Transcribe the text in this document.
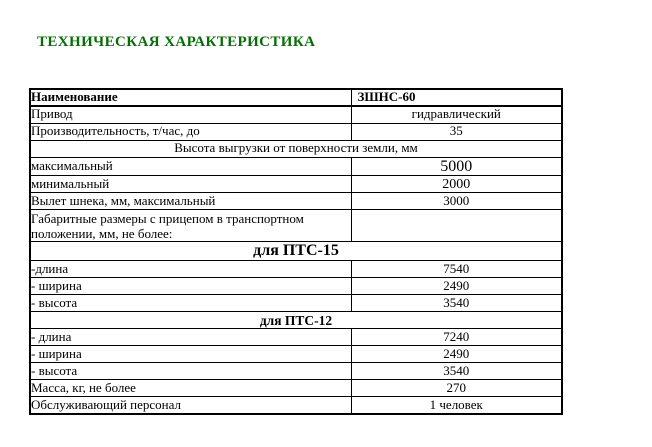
ТЕХНИЧЕСКАЯ ХАРАКТЕРИСТИКА
Наименование	ЗШНС-60
Привод	гидравлический
Производительность, т/час, до	35
Высота выгрузки от поверхности земли, мм	
максимальный	5000
минимальный	2000
Вылет шнека, мм, максимальный	3000
Габаритные размеры с прицепом в транспортном положении, мм, не более:	
для ПТС-15	
-длина	7540
- ширина	2490
- высота	3540
для ПТС-12	
- длина	7240
- ширина	2490
- высота	3540
Масса, кг, не более	270
Обслуживающий персонал	1 человек
